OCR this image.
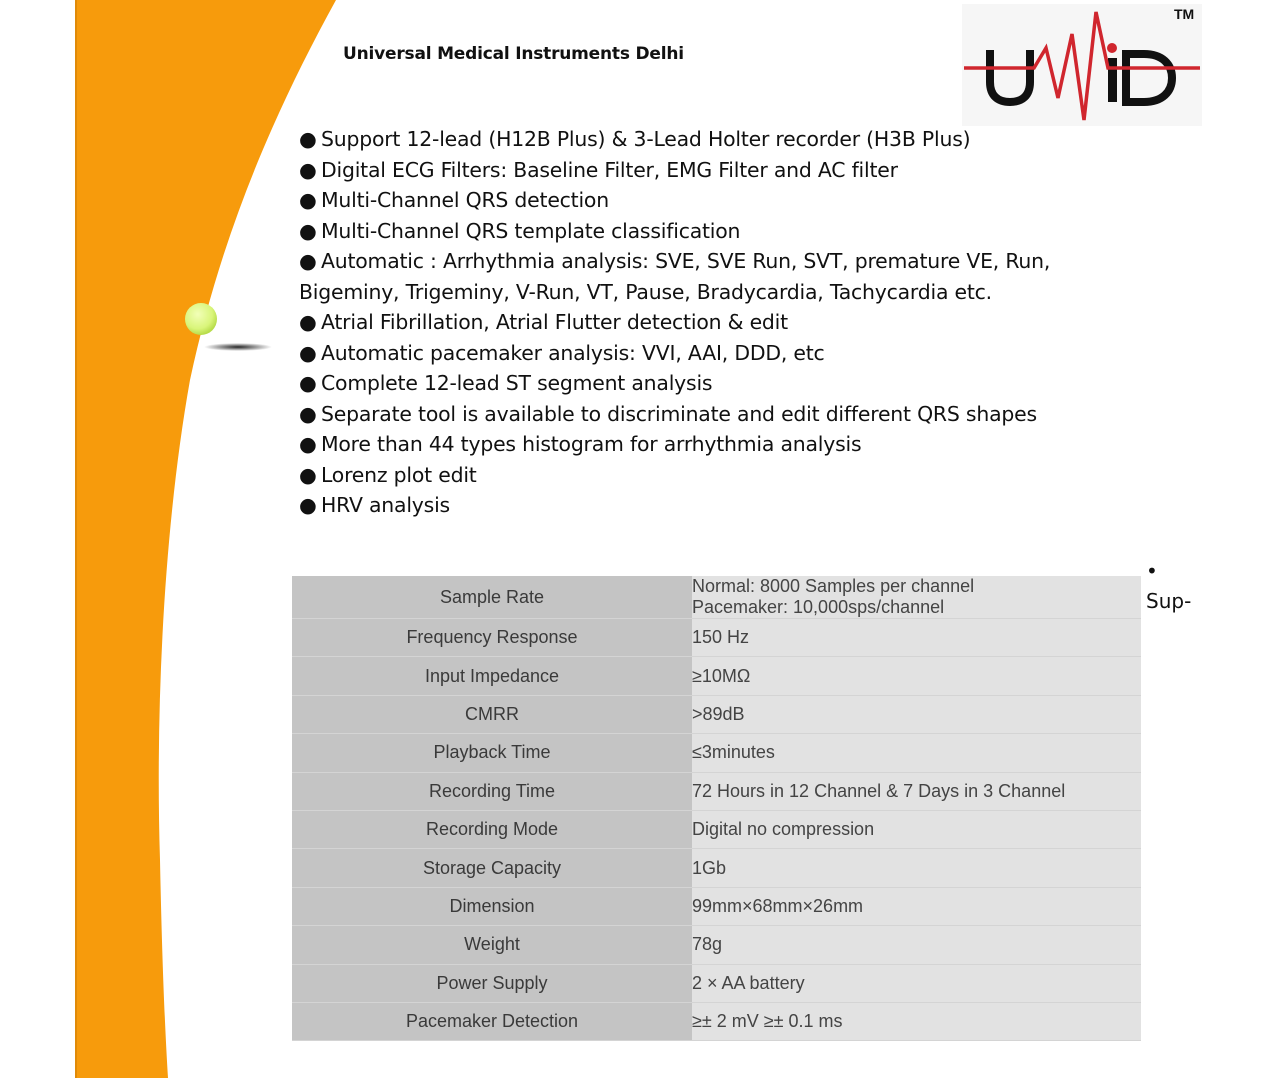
Universal Medical Instruments Delhi
TM

● Support 12-lead (H12B Plus) & 3-Lead Holter recorder (H3B Plus)

● Digital ECG Filters: Baseline Filter, EMG Filter and AC filter

● Multi-Channel QRS detection

● Multi-Channel QRS template classification

● Automatic : Arrhythmia analysis: SVE, SVE Run, SVT, premature VE, Run, Bigeminy, Trigeminy, V-Run, VT, Pause, Bradycardia, Tachycardia etc.

● Atrial Fibrillation, Atrial Flutter detection & edit

● Automatic pacemaker analysis: VVI, AAI, DDD, etc

● Complete 12-lead ST segment analysis

● Separate tool is available to discriminate and edit different QRS shapes

● More than 44 types histogram for arrhythmia analysis

● Lorenz plot edit

● HRV analysis

•
Sup-
Sample Rate	Normal: 8000 Samples per channel
Pacemaker: 10,000sps/channel

Frequency Response	150 Hz
Input Impedance	≥10MΩ
CMRR	>89dB
Playback Time	≤3minutes
Recording Time	72 Hours in 12 Channel & 7 Days in 3 Channel
Recording Mode	Digital no compression
Storage Capacity	1Gb
Dimension	99mm×68mm×26mm
Weight	78g
Power Supply	2 × AA battery
Pacemaker Detection	≥± 2 mV ≥± 0.1 ms
